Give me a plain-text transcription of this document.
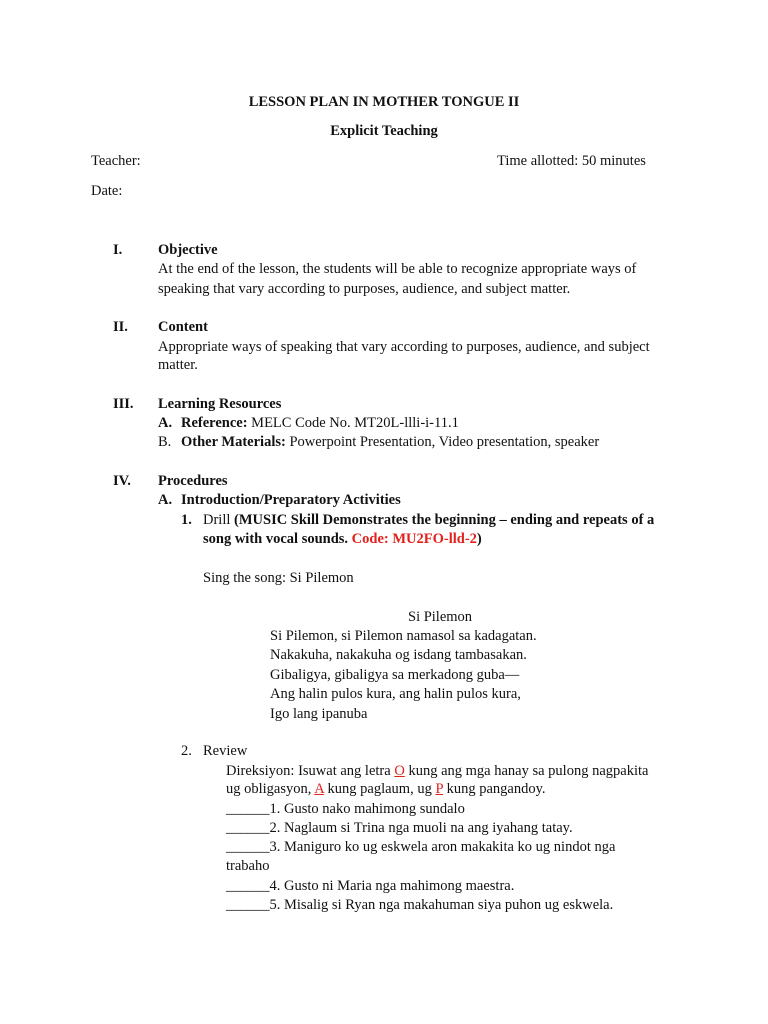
LESSON PLAN IN MOTHER TONGUE II
Explicit Teaching
Teacher:	Time allotted: 50 minutes
Date:
I. Objective
At the end of the lesson, the students will be able to recognize appropriate ways of
speaking that vary according to purposes, audience, and subject matter.
II. Content
Appropriate ways of speaking that vary according to purposes, audience, and subject
matter.
III. Learning Resources
A. Reference: MELC Code No. MT20L-llli-i-11.1
B. Other Materials: Powerpoint Presentation, Video presentation, speaker
IV. Procedures
A. Introduction/Preparatory Activities
1. Drill (MUSIC Skill Demonstrates the beginning – ending and repeats of a
song with vocal sounds. Code: MU2FO-lld-2)
Sing the song: Si Pilemon
Si Pilemon
Si Pilemon, si Pilemon namasol sa kadagatan.
Nakakuha, nakakuha og isdang tambasakan.
Gibaligya, gibaligya sa merkadong guba—
Ang halin pulos kura, ang halin pulos kura,
Igo lang ipanuba
2. Review
Direksiyon: Isuwat ang letra O kung ang mga hanay sa pulong nagpakita
ug obligasyon, A kung paglaum, ug P kung pangandoy.
______1. Gusto nako mahimong sundalo
______2. Naglaum si Trina nga muoli na ang iyahang tatay.
______3. Maniguro ko ug eskwela aron makakita ko ug nindot nga
trabaho
______4. Gusto ni Maria nga mahimong maestra.
______5. Misalig si Ryan nga makahuman siya puhon ug eskwela.
